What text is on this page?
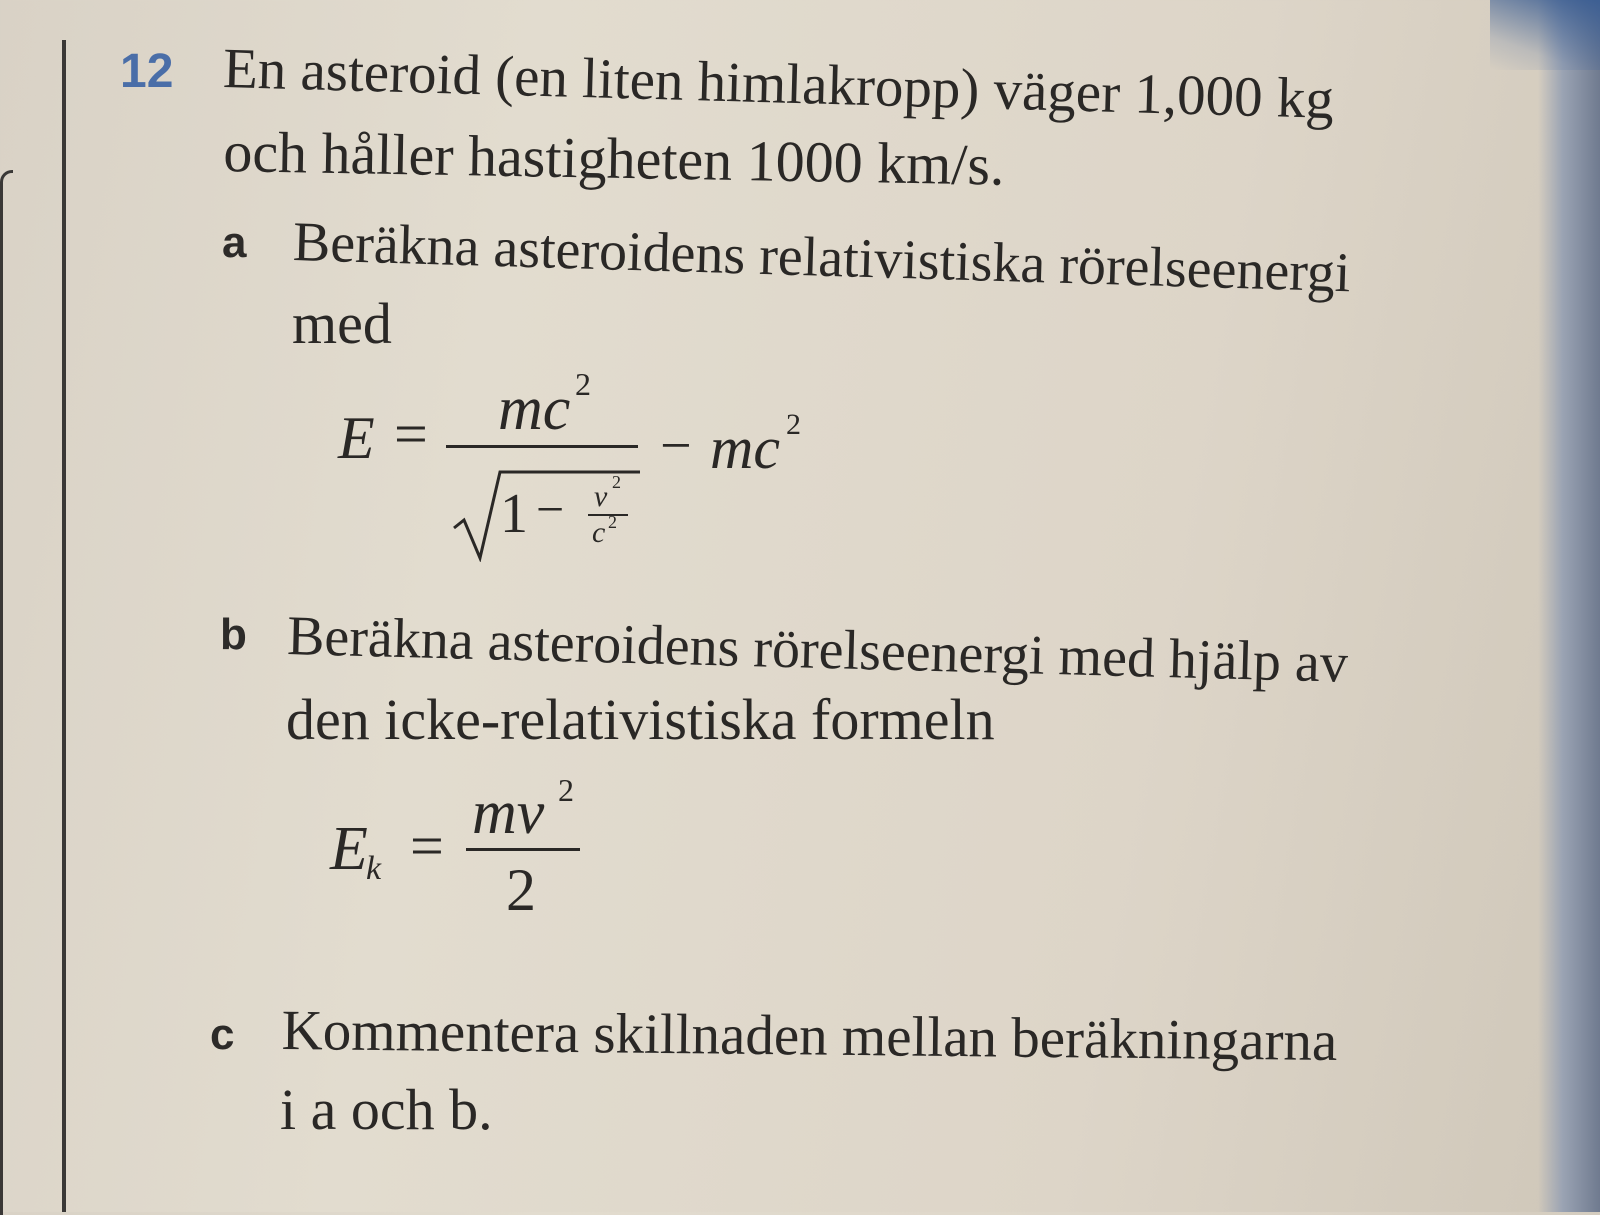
12 En asteroid (en liten himlakropp) väger 1,000 kg
och håller hastigheten 1000 km/s.
a Beräkna asteroidens relativistiska rörelseenergi
med
E = mc 2
1 − v 2
c 2
− mc 2
b Beräkna asteroidens rörelseenergi med hjälp av
den icke-relativistiska formeln
E
k = mv 2
2
c Kommentera skillnaden mellan beräkningarna
i a och b.
